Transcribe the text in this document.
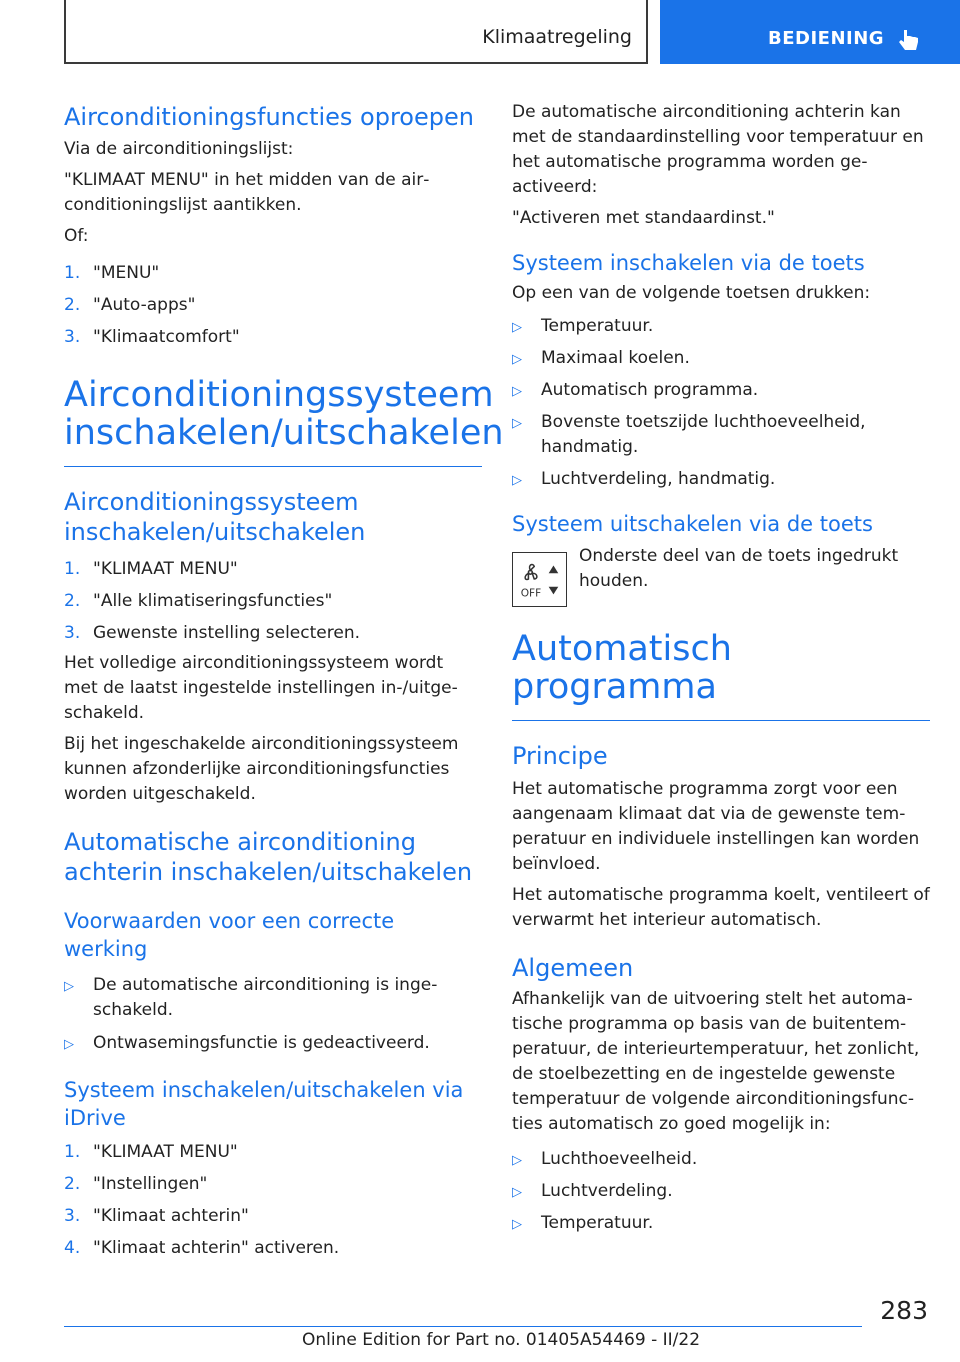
Klimaatregeling	BEDIENING
Airconditioningsfuncties oproepen

Via de airconditioningslijst:

"KLIMAAT MENU" in het midden van de airconditioningslijst aantikken.

Of:

1. "MENU"
2. "Auto-apps"
3. "Klimaatcomfort"
Airconditioningssysteem inschakelen/uitschakelen
Airconditioningssysteem inschakelen/uitschakelen
1. "KLIMAAT MENU"
2. "Alle klimatiseringsfuncties"
3. Gewenste instelling selecteren.

Het volledige airconditioningssysteem wordt met de laatst ingestelde instellingen in-/uitgeschakeld.

Bij het ingeschakelde airconditioningssysteem kunnen afzonderlijke airconditioningsfuncties worden uitgeschakeld.

Automatische airconditioning achterin inschakelen/uitschakelen
Voorwaarden voor een correcte werking
▷ De automatische airconditioning is ingeschakeld.
▷ Ontwasemingsfunctie is gedeactiveerd.
Systeem inschakelen/uitschakelen via iDrive
1. "KLIMAAT MENU"
2. "Instellingen"
3. "Klimaat achterin"
4. "Klimaat achterin" activeren.

De automatische airconditioning achterin kan met de standaardinstelling voor temperatuur en het automatische programma worden geactiveerd:

"Activeren met standaardinst."

Systeem inschakelen via de toets

Op een van de volgende toetsen drukken:

▷ Temperatuur.
▷ Maximaal koelen.
▷ Automatisch programma.
▷ Bovenste toetszijde luchthoeveelheid, handmatig.
▷ Luchtverdeling, handmatig.
Systeem uitschakelen via de toets
OFF

Onderste deel van de toets ingedrukt houden.

Automatisch programma
Principe

Het automatische programma zorgt voor een aangenaam klimaat dat via de gewenste temperatuur en individuele instellingen kan worden beïnvloed.

Het automatische programma koelt, ventileert of verwarmt het interieur automatisch.

Algemeen

Afhankelijk van de uitvoering stelt het automatische programma op basis van de buitentemperatuur, de interieurtemperatuur, het zonlicht, de stoelbezetting en de ingestelde gewenste temperatuur de volgende airconditioningsfuncties automatisch zo goed mogelijk in:

▷ Luchthoeveelheid.
▷ Luchtverdeling.
▷ Temperatuur.
283
Online Edition for Part no. 01405A54469 - II/22
